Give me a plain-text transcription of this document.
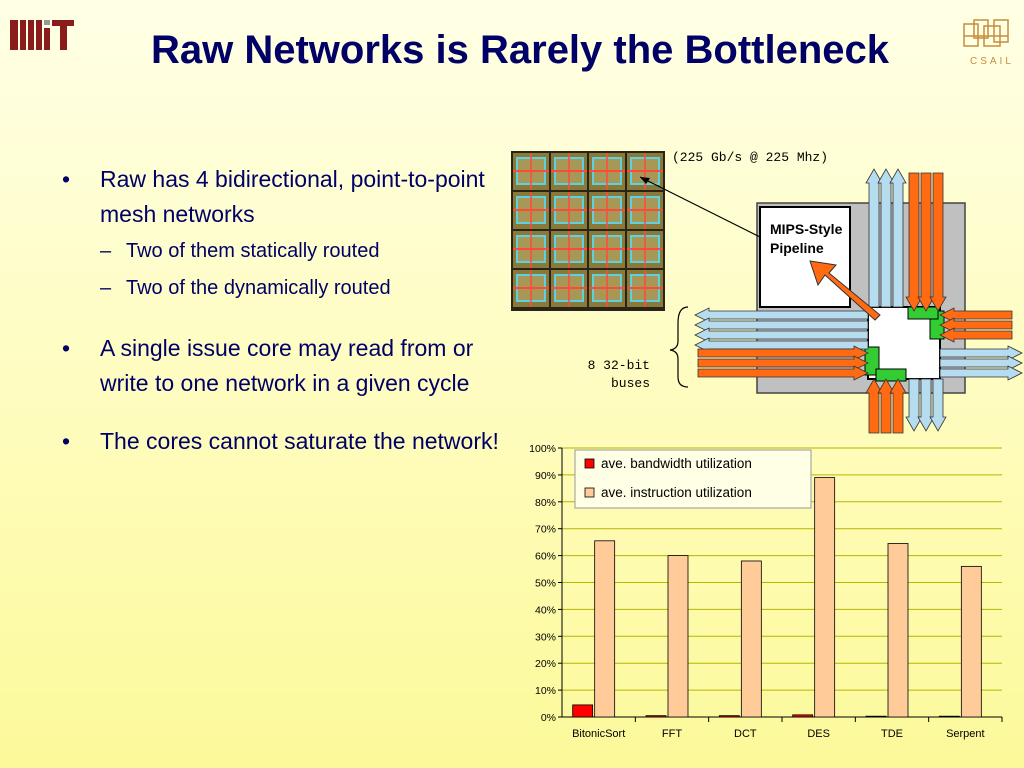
CSAIL
Raw Networks is Rarely the Bottleneck
• Raw has 4 bidirectional, point-to-point mesh networks
– Two of them statically routed
– Two of the dynamically routed
• A single issue core may read from or write to one network in a given cycle
• The cores cannot saturate the network!
(225 Gb/s @ 225 Mhz)
MIPS-Style
Pipeline
8 32-bit
buses
0%
10%
20%
30%
40%
50%
60%
70%
80%
90%
100%
BitonicSort	FFT	DCT	DES	TDE	Serpent
ave. bandwidth utilization
ave. instruction utilization
